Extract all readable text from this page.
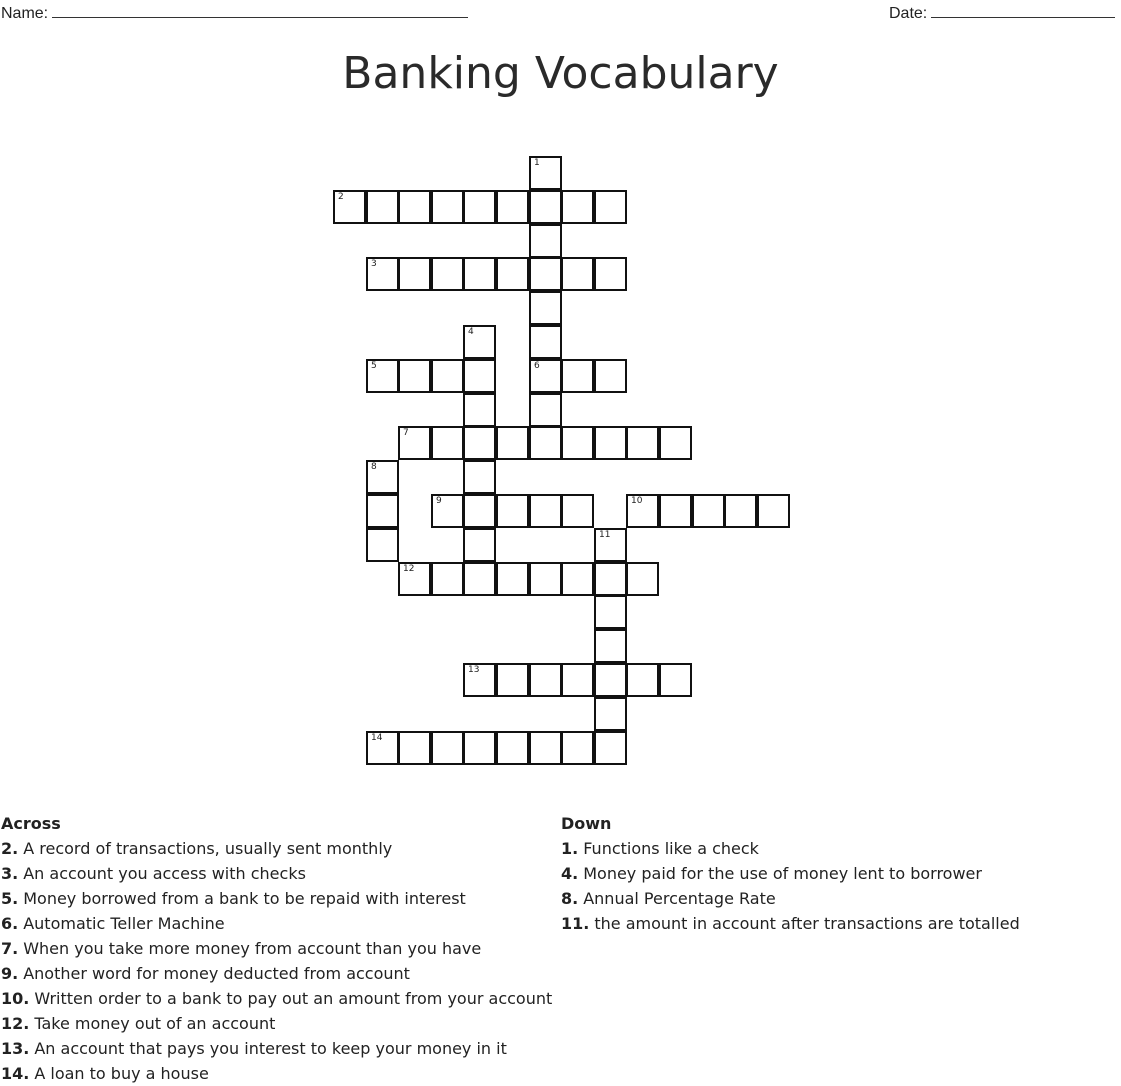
Name:	Date:
Banking Vocabulary
1
2
3
4
5	6
7
8
9	10
11
12
13
14
Across
2. A record of transactions, usually sent monthly
3. An account you access with checks
5. Money borrowed from a bank to be repaid with interest
6. Automatic Teller Machine
7. When you take more money from account than you have
9. Another word for money deducted from account
10. Written order to a bank to pay out an amount from your account
12. Take money out of an account
13. An account that pays you interest to keep your money in it
14. A loan to buy a house
Down
1. Functions like a check
4. Money paid for the use of money lent to borrower
8. Annual Percentage Rate
11. the amount in account after transactions are totalled
